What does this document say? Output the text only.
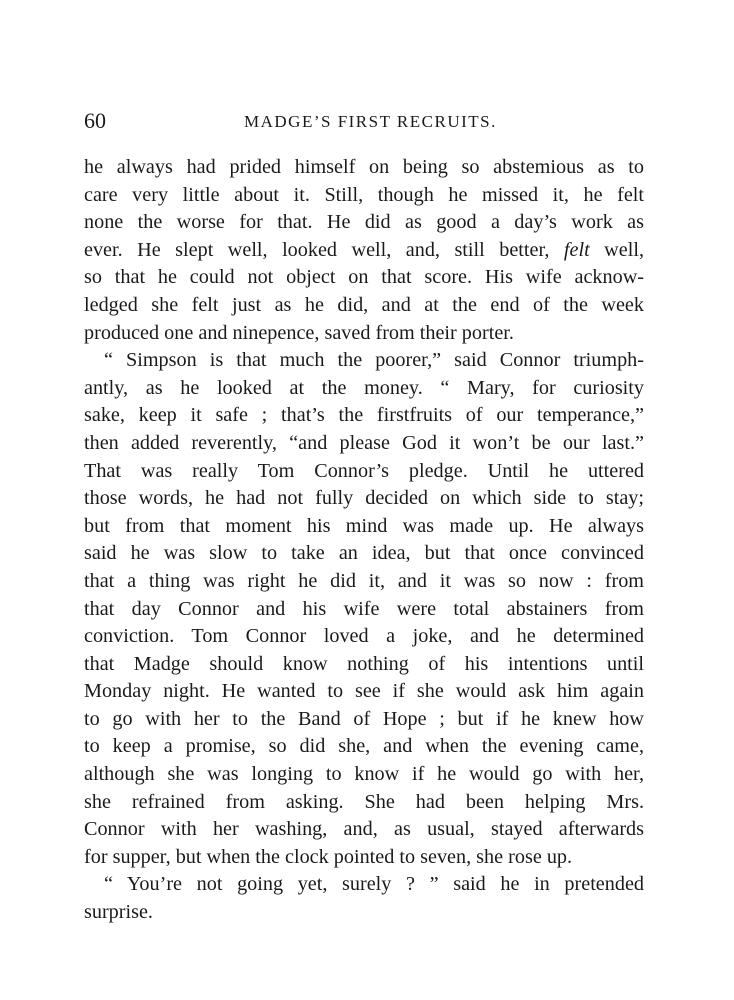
60	MADGE’S FIRST RECRUITS.
he always had prided himself on being so abstemious as to
care very little about it. Still, though he missed it, he felt
none the worse for that. He did as good a day’s work as
ever. He slept well, looked well, and, still better, felt well,
so that he could not object on that score. His wife acknow-
ledged she felt just as he did, and at the end of the week
produced one and ninepence, saved from their porter.
“ Simpson is that much the poorer,” said Connor triumph-
antly, as he looked at the money. “ Mary, for curiosity
sake, keep it safe ; that’s the firstfruits of our temperance,”
then added reverently, “and please God it won’t be our last.”
That was really Tom Connor’s pledge. Until he uttered
those words, he had not fully decided on which side to stay;
but from that moment his mind was made up. He always
said he was slow to take an idea, but that once convinced
that a thing was right he did it, and it was so now : from
that day Connor and his wife were total abstainers from
conviction. Tom Connor loved a joke, and he determined
that Madge should know nothing of his intentions until
Monday night. He wanted to see if she would ask him again
to go with her to the Band of Hope ; but if he knew how
to keep a promise, so did she, and when the evening came,
although she was longing to know if he would go with her,
she refrained from asking. She had been helping Mrs.
Connor with her washing, and, as usual, stayed afterwards
for supper, but when the clock pointed to seven, she rose up.
“ You’re not going yet, surely ? ” said he in pretended
surprise.
